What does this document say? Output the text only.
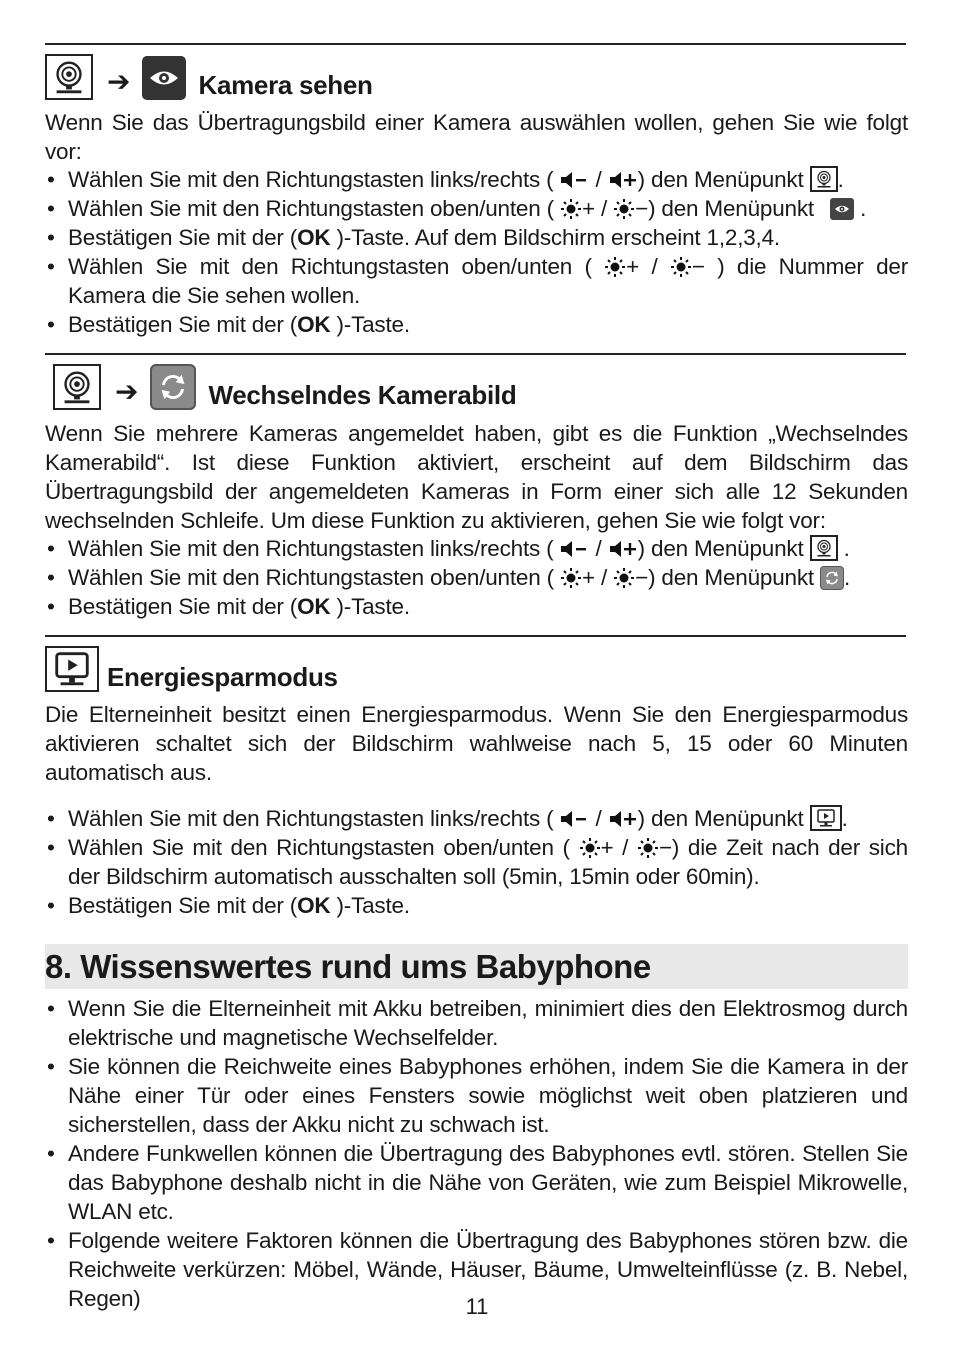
➔	Kamera sehen
Wenn Sie das Übertragungsbild einer Kamera auswählen wollen, gehen Sie wie folgt vor:
• Wählen Sie mit den Richtungstasten links/rechts ( / ) den Menüpunkt .
• Wählen Sie mit den Richtungstasten oben/unten ( + / −) den Menüpunkt .
• Bestätigen Sie mit der (OK )-Taste. Auf dem Bildschirm erscheint 1,2,3,4.
• Wählen Sie mit den Richtungstasten oben/unten ( + / − ) die Nummer der Kamera die Sie sehen wollen.
• Bestätigen Sie mit der (OK )-Taste.
➔	Wechselndes Kamerabild
Wenn Sie mehrere Kameras angemeldet haben, gibt es die Funktion „Wechselndes Kamerabild“. Ist diese Funktion aktiviert, erscheint auf dem Bildschirm das Übertragungsbild der angemeldeten Kameras in Form einer sich alle 12 Sekunden wechselnden Schleife. Um diese Funktion zu aktivieren, gehen Sie wie folgt vor:
• Wählen Sie mit den Richtungstasten links/rechts ( / ) den Menüpunkt .
• Wählen Sie mit den Richtungstasten oben/unten ( + / −) den Menüpunkt .
• Bestätigen Sie mit der (OK )-Taste.
Energiesparmodus
Die Elterneinheit besitzt einen Energiesparmodus. Wenn Sie den Energiesparmodus aktivieren schaltet sich der Bildschirm wahlweise nach 5, 15 oder 60 Minuten automatisch aus.
• Wählen Sie mit den Richtungstasten links/rechts ( / ) den Menüpunkt .
• Wählen Sie mit den Richtungstasten oben/unten ( + / −) die Zeit nach der sich der Bildschirm automatisch ausschalten soll (5min, 15min oder 60min).
• Bestätigen Sie mit der (OK )-Taste.
8. Wissenswertes rund ums Babyphone
• Wenn Sie die Elterneinheit mit Akku betreiben, minimiert dies den Elektrosmog durch elektrische und magnetische Wechselfelder.
• Sie können die Reichweite eines Babyphones erhöhen, indem Sie die Kamera in der Nähe einer Tür oder eines Fensters sowie möglichst weit oben platzieren und sicherstellen, dass der Akku nicht zu schwach ist.
• Andere Funkwellen können die Übertragung des Babyphones evtl. stören. Stellen Sie das Babyphone deshalb nicht in die Nähe von Geräten, wie zum Beispiel Mikrowelle, WLAN etc.
• Folgende weitere Faktoren können die Übertragung des Babyphones stören bzw. die Reichweite verkürzen: Möbel, Wände, Häuser, Bäume, Umwelteinflüsse (z. B. Nebel, Regen)	11
